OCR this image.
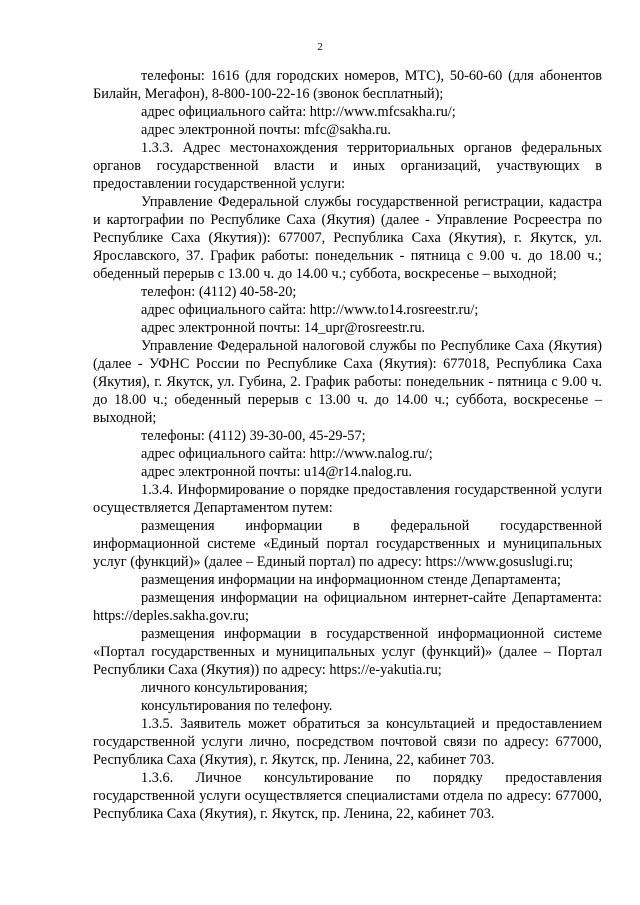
2

телефоны: 1616 (для городских номеров, МТС), 50-60-60 (для абонентов Билайн, Мегафон), 8-800-100-22-16 (звонок бесплатный);

адрес официального сайта: http://www.mfcsakha.ru/;

адрес электронной почты: mfc@sakha.ru.

1.3.3. Адрес местонахождения территориальных органов федеральных органов государственной власти и иных организаций, участвующих в предоставлении государственной услуги:

Управление Федеральной службы государственной регистрации, кадастра и картографии по Республике Саха (Якутия) (далее - Управление Росреестра по Республике Саха (Якутия)): 677007, Республика Саха (Якутия), г. Якутск, ул. Ярославского, 37. График работы: понедельник - пятница с 9.00 ч. до 18.00 ч.; обеденный перерыв с 13.00 ч. до 14.00 ч.; суббота, воскресенье – выходной;

телефон: (4112) 40-58-20;

адрес официального сайта: http://www.to14.rosreestr.ru/;

адрес электронной почты: 14_upr@rosreestr.ru.

Управление Федеральной налоговой службы по Республике Саха (Якутия) (далее - УФНС России по Республике Саха (Якутия): 677018, Республика Саха (Якутия), г. Якутск, ул. Губина, 2. График работы: понедельник - пятница с 9.00 ч. до 18.00 ч.; обеденный перерыв с 13.00 ч. до 14.00 ч.; суббота, воскресенье – выходной;

телефоны: (4112) 39-30-00, 45-29-57;

адрес официального сайта: http://www.nalog.ru/;

адрес электронной почты: u14@r14.nalog.ru.

1.3.4. Информирование о порядке предоставления государственной услуги осуществляется Департаментом путем:

размещения информации в федеральной государственной информационной системе «Единый портал государственных и муниципальных услуг (функций)» (далее – Единый портал) по адресу: https://www.gosuslugi.ru;

размещения информации на информационном стенде Департамента;

размещения информации на официальном интернет-сайте Департамента: https://deples.sakha.gov.ru;

размещения информации в государственной информационной системе «Портал государственных и муниципальных услуг (функций)» (далее – Портал Республики Саха (Якутия)) по адресу: https://e-yakutia.ru;

личного консультирования;

консультирования по телефону.

1.3.5. Заявитель может обратиться за консультацией и предоставлением государственной услуги лично, посредством почтовой связи по адресу: 677000, Республика Саха (Якутия), г. Якутск, пр. Ленина, 22, кабинет 703.

1.3.6. Личное консультирование по порядку предоставления государственной услуги осуществляется специалистами отдела по адресу: 677000, Республика Саха (Якутия), г. Якутск, пр. Ленина, 22, кабинет 703.
